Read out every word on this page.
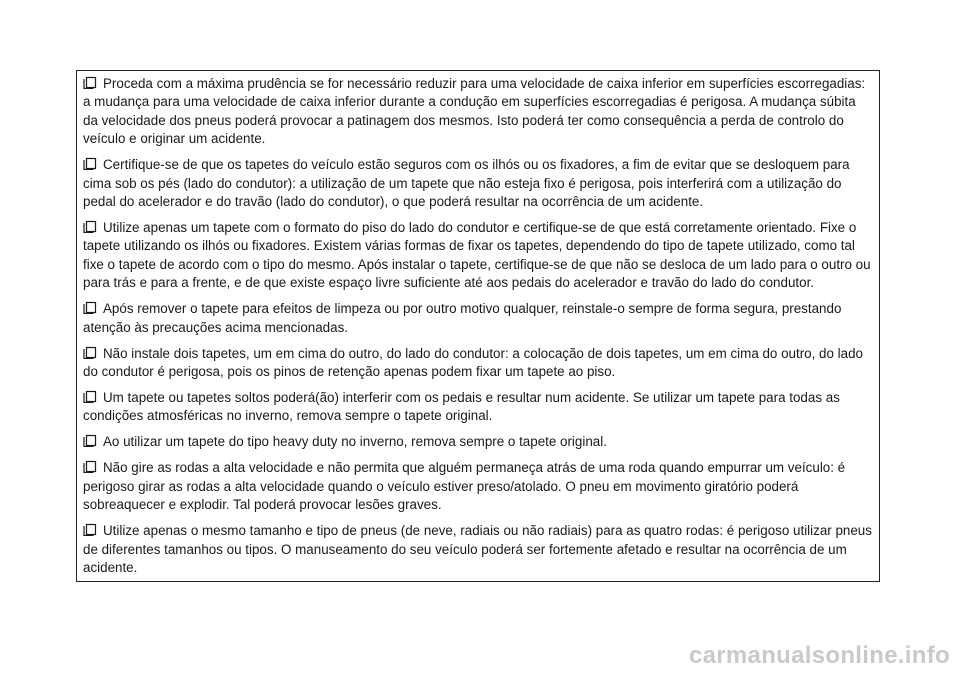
Proceda com a máxima prudência se for necessário reduzir para uma velocidade de caixa inferior em superfícies escorregadias: a mudança para uma velocidade de caixa inferior durante a condução em superfícies escorregadias é perigosa. A mudança súbita da velocidade dos pneus poderá provocar a patinagem dos mesmos. Isto poderá ter como consequência a perda de controlo do veículo e originar um acidente.

Certifique-se de que os tapetes do veículo estão seguros com os ilhós ou os fixadores, a fim de evitar que se desloquem para cima sob os pés (lado do condutor): a utilização de um tapete que não esteja fixo é perigosa, pois interferirá com a utilização do pedal do acelerador e do travão (lado do condutor), o que poderá resultar na ocorrência de um acidente.

Utilize apenas um tapete com o formato do piso do lado do condutor e certifique-se de que está corretamente orientado. Fixe o tapete utilizando os ilhós ou fixadores. Existem várias formas de fixar os tapetes, dependendo do tipo de tapete utilizado, como tal fixe o tapete de acordo com o tipo do mesmo. Após instalar o tapete, certifique-se de que não se desloca de um lado para o outro ou para trás e para a frente, e de que existe espaço livre suficiente até aos pedais do acelerador e travão do lado do condutor.

Após remover o tapete para efeitos de limpeza ou por outro motivo qualquer, reinstale-o sempre de forma segura, prestando atenção às precauções acima mencionadas.

Não instale dois tapetes, um em cima do outro, do lado do condutor: a colocação de dois tapetes, um em cima do outro, do lado do condutor é perigosa, pois os pinos de retenção apenas podem fixar um tapete ao piso.

Um tapete ou tapetes soltos poderá(ão) interferir com os pedais e resultar num acidente. Se utilizar um tapete para todas as condições atmosféricas no inverno, remova sempre o tapete original.

Ao utilizar um tapete do tipo heavy duty no inverno, remova sempre o tapete original.

Não gire as rodas a alta velocidade e não permita que alguém permaneça atrás de uma roda quando empurrar um veículo: é perigoso girar as rodas a alta velocidade quando o veículo estiver preso/atolado. O pneu em movimento giratório poderá sobreaquecer e explodir. Tal poderá provocar lesões graves.

Utilize apenas o mesmo tamanho e tipo de pneus (de neve, radiais ou não radiais) para as quatro rodas: é perigoso utilizar pneus de diferentes tamanhos ou tipos. O manuseamento do seu veículo poderá ser fortemente afetado e resultar na ocorrência de um acidente.

carmanualsonline.info
